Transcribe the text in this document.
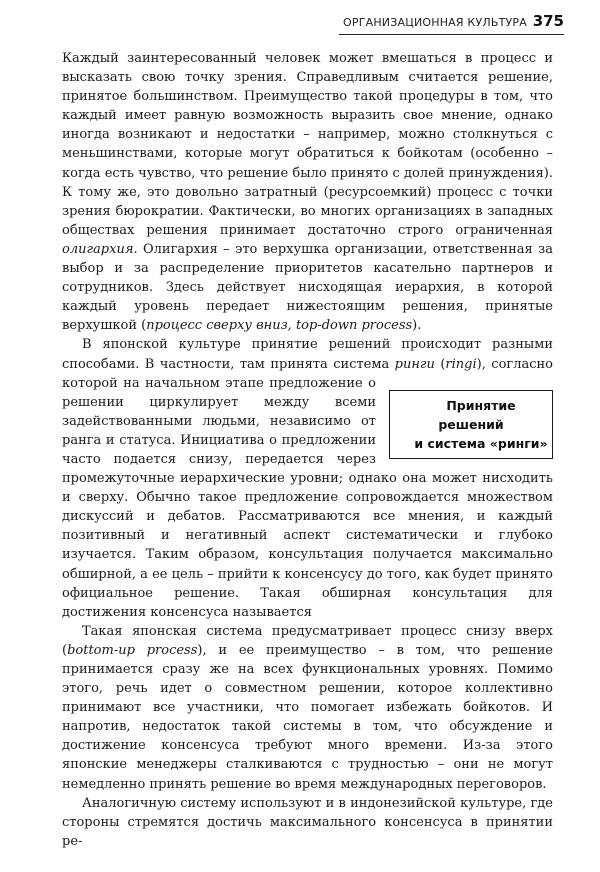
ОРГАНИЗАЦИОННАЯ КУЛЬТУРА 375

Каждый заинтересованный человек может вмешаться в процесс и высказать свою точку зрения. Справедливым считается решение, принятое большинством. Преимущество такой процедуры в том, что каждый имеет равную возможность выразить свое мнение, однако иногда возникают и недостатки – например, можно столкнуться с меньшинствами, которые могут обратиться к бойкотам (особенно – когда есть чувство, что решение было принято с долей принуждения). К тому же, это довольно затратный (ресурсоемкий) процесс с точки зрения бюрократии. Фактически, во многих организациях в западных обществах решения принимает достаточно строго ограниченная олигархия. Олигархия – это верхушка организации, ответственная за выбор и за распределение приоритетов касательно партнеров и сотрудников. Здесь действует нисходящая иерархия, в которой каждый уровень передает нижестоящим решения, принятые верхушкой (процесс сверху вниз, top-down process).

Принятие решений
и система «ринги»
В японской культуре принятие решений происходит разными способами. В частности, там принята система ринги (ringi), согласно которой на начальном этапе предложение о решении циркулирует между всеми задействованными людьми, независимо от ранга и статуса. Инициатива о предложении часто подается снизу, передается через промежуточные иерархические уровни; однако она может нисходить и сверху. Обычно такое предложение сопровождается множеством дискуссий и дебатов. Рассматриваются все мнения, и каждый позитивный и негативный аспект систематически и глубоко изучается. Таким образом, консультация получается максимально обширной, а ее цель – прийти к консенсусу до того, как будет принято официальное решение. Такая обширная консультация для достижения консенсуса называется

Такая японская система предусматривает процесс снизу вверх (bottom-up process), и ее преимущество – в том, что решение принимается сразу же на всех функциональных уровнях. Помимо этого, речь идет о совместном решении, которое коллективно принимают все участники, что помогает избежать бойкотов. И напротив, недостаток такой системы в том, что обсуждение и достижение консенсуса требуют много времени. Из-за этого японские менеджеры сталкиваются с трудностью – они не могут немедленно принять решение во время международных переговоров.

Аналогичную систему используют и в индонезийской культуре, где стороны стремятся достичь максимального консенсуса в принятии ре-
